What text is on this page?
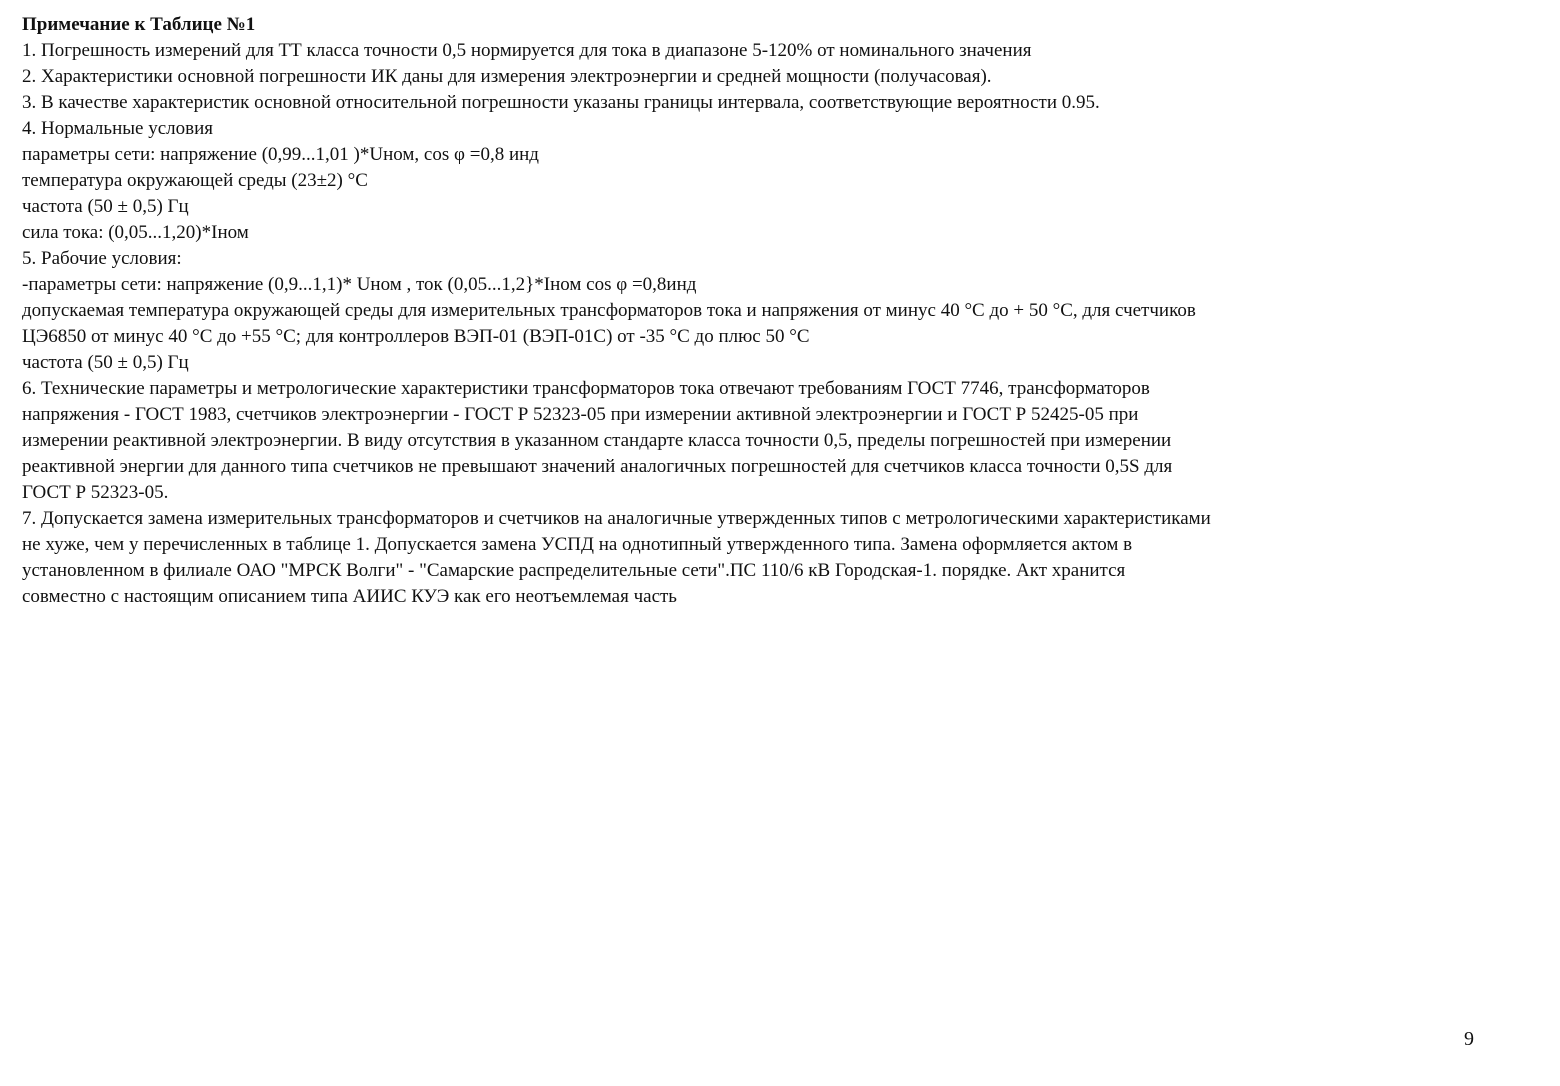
Примечание к Таблице №1

1. Погрешность измерений для ТТ класса точности 0,5 нормируется для тока в диапазоне 5-120% от номинального значения

2. Характеристики основной погрешности ИК даны для измерения электроэнергии и средней мощности (получасовая).

3. В качестве характеристик основной относительной погрешности указаны границы интервала, соответствующие вероятности 0.95.

4. Нормальные условия

параметры сети: напряжение (0,99...1,01 )*Uном, cos φ =0,8 инд

температура окружающей среды (23±2) °С

частота (50 ± 0,5) Гц

сила тока: (0,05...1,20)*Iном

5. Рабочие условия:

-параметры сети: напряжение (0,9...1,1)* Uном , ток (0,05...1,2}*Iном cos φ =0,8инд

допускаемая температура окружающей среды для измерительных трансформаторов тока и напряжения от минус 40 °С до + 50 °С, для счетчиков

ЦЭ6850 от минус 40 °С до +55 °С; для контроллеров ВЭП-01 (ВЭП-01С) от -35 °С до плюс 50 °С

частота (50 ± 0,5) Гц

6. Технические параметры и метрологические характеристики трансформаторов тока отвечают требованиям ГОСТ 7746, трансформаторов

напряжения - ГОСТ 1983, счетчиков электроэнергии - ГОСТ Р 52323-05 при измерении активной электроэнергии и ГОСТ Р 52425-05 при

измерении реактивной электроэнергии. В виду отсутствия в указанном стандарте класса точности 0,5, пределы погрешностей при измерении

реактивной энергии для данного типа счетчиков не превышают значений аналогичных погрешностей для счетчиков класса точности 0,5S для

ГОСТ Р 52323-05.

7. Допускается замена измерительных трансформаторов и счетчиков на аналогичные утвержденных типов с метрологическими характеристиками

не хуже, чем у перечисленных в таблице 1. Допускается замена УСПД на однотипный утвержденного типа. Замена оформляется актом в

установленном в филиале ОАО "МРСК Волги" - "Самарские распределительные сети".ПС 110/6 кВ Городская-1. порядке. Акт хранится

совместно с настоящим описанием типа АИИС КУЭ как его неотъемлемая часть

9
